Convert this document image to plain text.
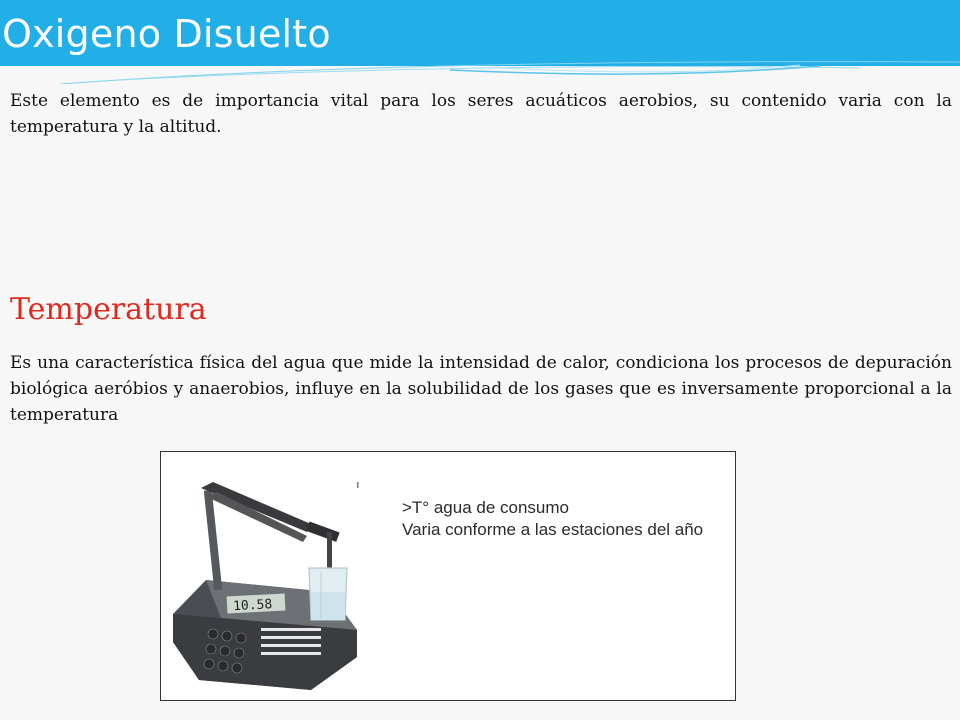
Oxigeno Disuelto

Este elemento es de importancia vital para los seres acuáticos aerobios, su contenido varia con la temperatura y la altitud.

Temperatura

Es una característica física del agua que mide la intensidad de calor, condiciona los procesos de depuración biológica aeróbios y anaerobios, influye en la solubilidad de los gases que es inversamente proporcional a la temperatura

10.58
>T° agua de consumo
Varia conforme a las estaciones del año
